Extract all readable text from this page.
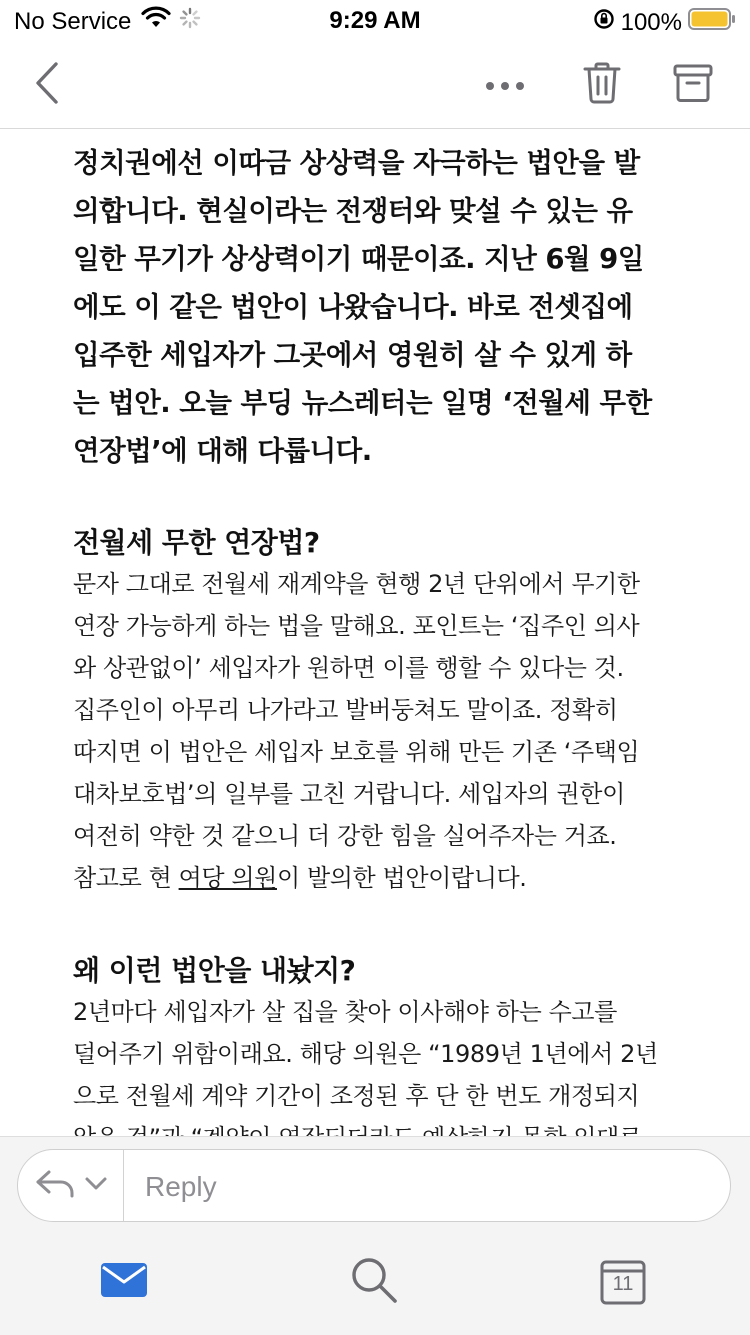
No Service	9:29 AM	100%
정치권에선 이따금 상상력을 자극하는 법안을 발
의합니다. 현실이라는 전쟁터와 맞설 수 있는 유
일한 무기가 상상력이기 때문이죠. 지난 6월 9일
에도 이 같은 법안이 나왔습니다. 바로 전셋집에
입주한 세입자가 그곳에서 영원히 살 수 있게 하
는 법안. 오늘 부딩 뉴스레터는 일명 ‘전월세 무한
연장법’에 대해 다룹니다.
전월세 무한 연장법?
문자 그대로 전월세 재계약을 현행 2년 단위에서 무기한
연장 가능하게 하는 법을 말해요. 포인트는 ‘집주인 의사
와 상관없이’ 세입자가 원하면 이를 행할 수 있다는 것.
집주인이 아무리 나가라고 발버둥쳐도 말이죠. 정확히
따지면 이 법안은 세입자 보호를 위해 만든 기존 ‘주택임
대차보호법’의 일부를 고친 거랍니다. 세입자의 권한이
여전히 약한 것 같으니 더 강한 힘을 실어주자는 거죠.
참고로 현 여당 의원이 발의한 법안이랍니다.
왜 이런 법안을 내놨지?
2년마다 세입자가 살 집을 찾아 이사해야 하는 수고를
덜어주기 위함이래요. 해당 의원은 “1989년 1년에서 2년
으로 전월세 계약 기간이 조정된 후 단 한 번도 개정되지
Reply
11
